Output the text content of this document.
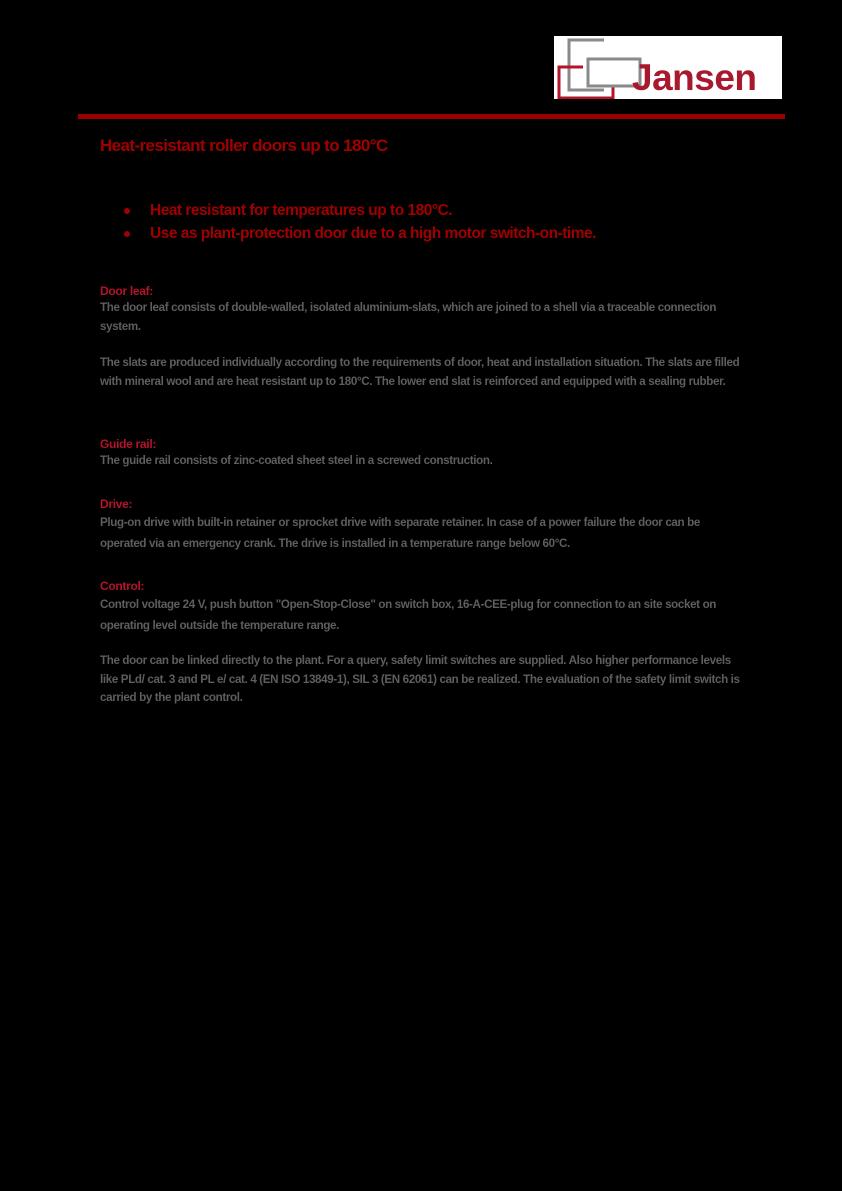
Jansen
Heat-resistant roller doors up to 180°C
Heat resistant for temperatures up to 180°C.
Use as plant-protection door due to a high motor switch-on-time.
Door leaf:

The door leaf consists of double-walled, isolated aluminium-slats, which are joined to a shell via a traceable connection system.

The slats are produced individually according to the requirements of door, heat and installation situation. The slats are filled with mineral wool and are heat resistant up to 180°C. The lower end slat is reinforced and equipped with a sealing rubber.

Guide rail:

The guide rail consists of zinc-coated sheet steel in a screwed construction.

Drive:

Plug-on drive with built-in retainer or sprocket drive with separate retainer. In case of a power failure the door can be operated via an emergency crank. The drive is installed in a temperature range below 60°C.

Control:

Control voltage 24 V, push button "Open-Stop-Close" on switch box, 16-A-CEE-plug for connection to an site socket on operating level outside the temperature range.

The door can be linked directly to the plant. For a query, safety limit switches are supplied. Also higher performance levels like PLd/ cat. 3 and PL e/ cat. 4 (EN ISO 13849-1), SIL 3 (EN 62061) can be realized. The evaluation of the safety limit switch is carried by the plant control.
